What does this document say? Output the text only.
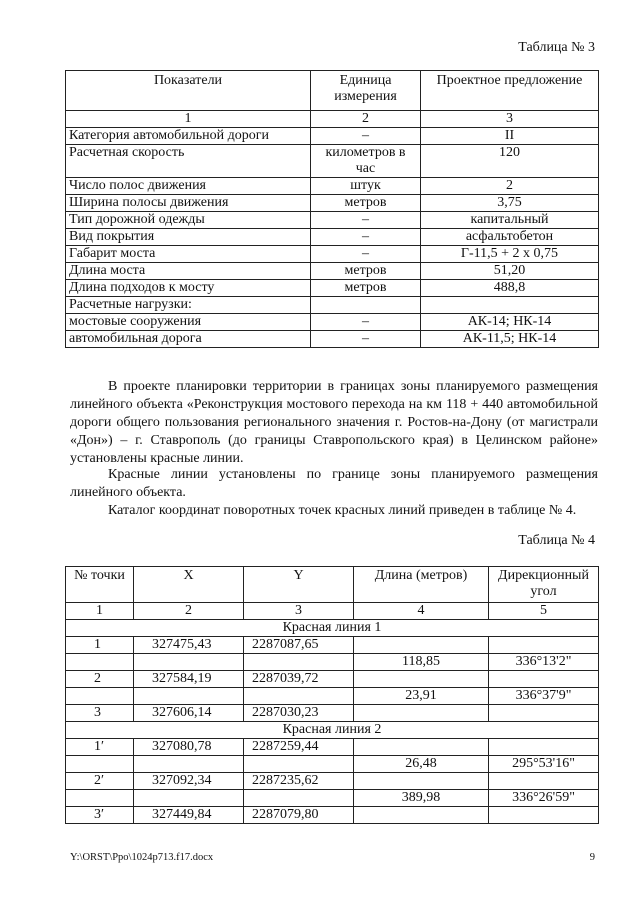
Таблица № 3
Показатели	Единица измерения	Проектное предложение
1	2	3
Категория автомобильной дороги	–	II
Расчетная скорость	километров в час	120
Число полос движения	штук	2
Ширина полосы движения	метров	3,75
Тип дорожной одежды	–	капитальный
Вид покрытия	–	асфальтобетон
Габарит моста	–	Г-11,5 + 2 х 0,75
Длина моста	метров	51,20
Длина подходов к мосту	метров	488,8
Расчетные нагрузки:		
мостовые сооружения	–	АК-14; НК-14
автомобильная дорога	–	АК-11,5; НК-14
В проекте планировки территории в границах зоны планируемого размещения линейного объекта «Реконструкция мостового перехода на км 118 + 440 автомобильной дороги общего пользования регионального значения г. Ростов-на-Дону (от магистрали «Дон») – г. Ставрополь (до границы Ставропольского края) в Целинском районе» установлены красные линии.
Красные линии установлены по границе зоны планируемого размещения линейного объекта.
Каталог координат поворотных точек красных линий приведен в таблице № 4.
Таблица № 4
№ точки	X	Y	Длина (метров)	Дирекционный угол
1	2	3	4	5
Красная линия 1				
1	327475,43	2287087,65		
			118,85	336°13'2"
2	327584,19	2287039,72		
			23,91	336°37'9"
3	327606,14	2287030,23		
Красная линия 2				
1′	327080,78	2287259,44		
			26,48	295°53'16"
2′	327092,34	2287235,62		
			389,98	336°26'59"
3′	327449,84	2287079,80		
Y:\ORST\Ppo\1024p713.f17.docx	9
